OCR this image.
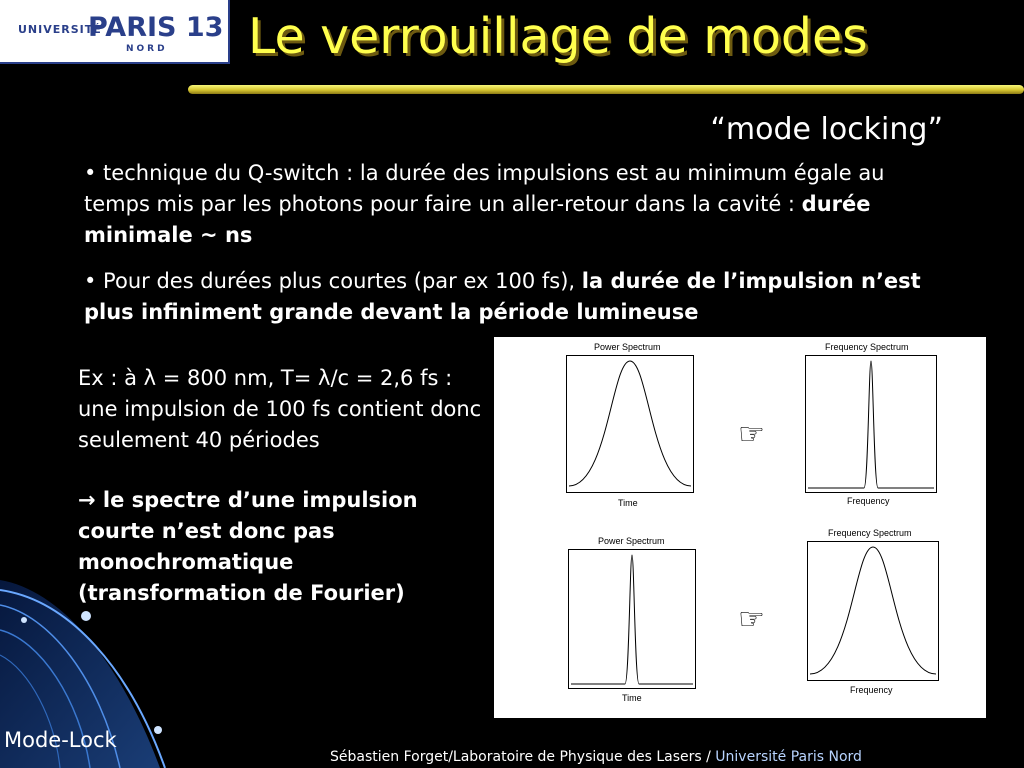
UNIVERSITÉ
PARIS 13
NORD Le verrouillage de modes
“mode locking”
• technique du Q-switch : la durée des impulsions est au minimum égale au temps mis par les photons pour faire un aller-retour dans la cavité : durée minimale ~ ns
• Pour des durées plus courtes (par ex 100 fs), la durée de l’impulsion n’est plus infiniment grande devant la période lumineuse
Ex : à λ = 800 nm, T= λ/c = 2,6 fs : une impulsion de 100 fs contient donc seulement 40 périodes
→ le spectre d’une impulsion courte n’est donc pas monochromatique (transformation de Fourier)
Power Spectrum
Time
Frequency Spectrum
Frequency
☞
Power Spectrum
Time
Frequency Spectrum
Frequency
☞
Mode-Lock
Sébastien Forget/Laboratoire de Physique des Lasers / Université Paris Nord
